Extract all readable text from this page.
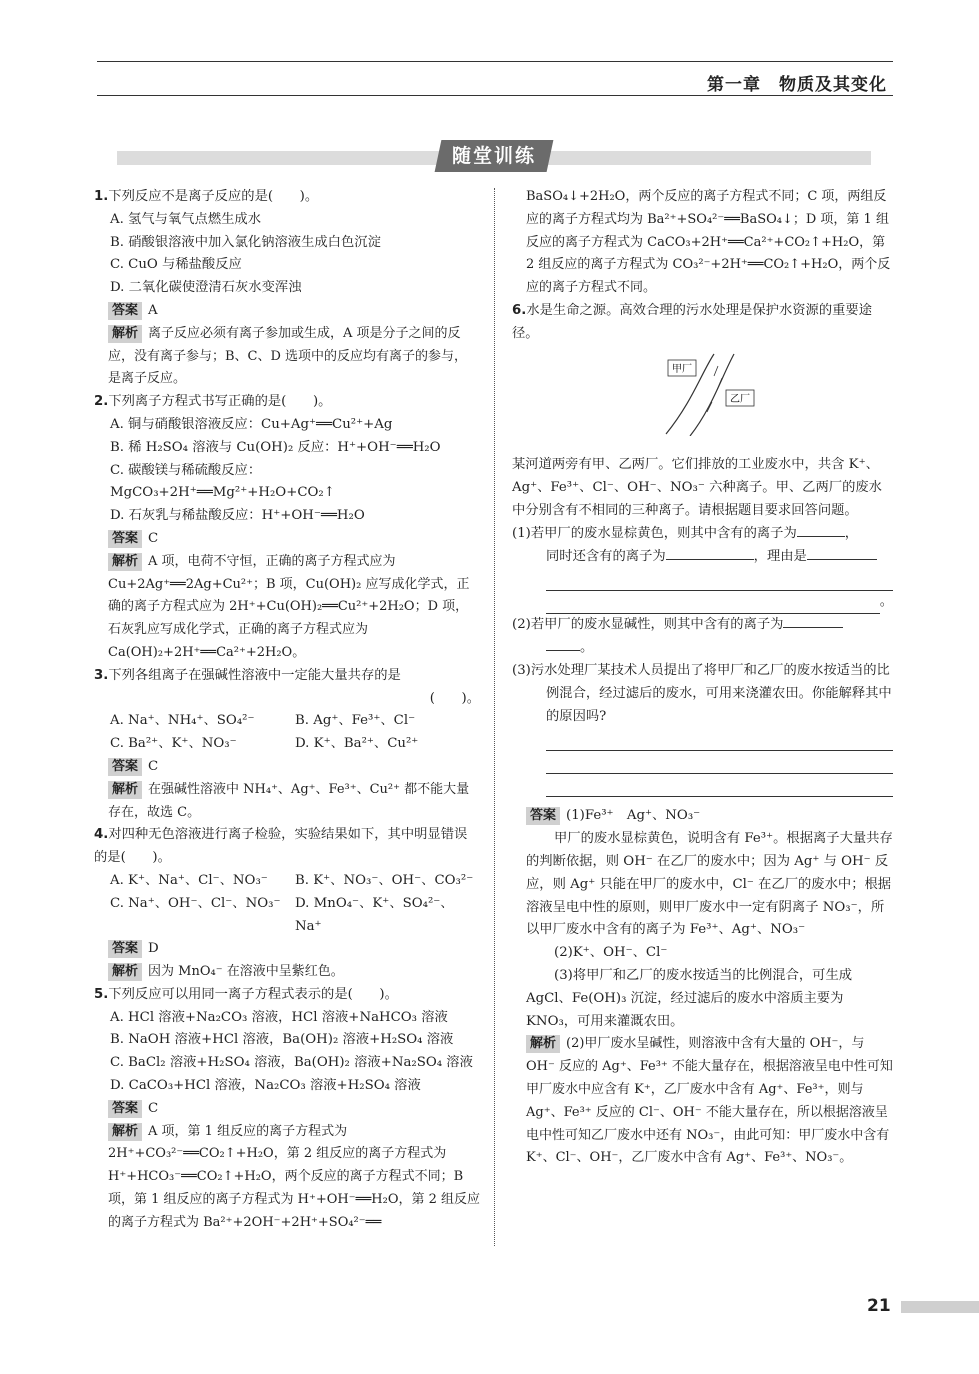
第一章　物质及其变化
随堂训练

1.下列反应不是离子反应的是(　　)。

A. 氢气与氧气点燃生成水

B. 硝酸银溶液中加入氯化钠溶液生成白色沉淀

C. CuO 与稀盐酸反应

D. 二氧化碳使澄清石灰水变浑浊

答案 A

解析 离子反应必须有离子参加或生成，A 项是分子之间的反应，没有离子参与；B、C、D 选项中的反应均有离子的参与，是离子反应。

2.下列离子方程式书写正确的是(　　)。

A. 铜与硝酸银溶液反应：Cu+Ag⁺══Cu²⁺+Ag

B. 稀 H₂SO₄ 溶液与 Cu(OH)₂ 反应：H⁺+OH⁻══H₂O

C. 碳酸镁与稀硫酸反应：MgCO₃+2H⁺══Mg²⁺+H₂O+CO₂↑

D. 石灰乳与稀盐酸反应：H⁺+OH⁻══H₂O

答案 C

解析 A 项，电荷不守恒，正确的离子方程式应为 Cu+2Ag⁺══2Ag+Cu²⁺；B 项，Cu(OH)₂ 应写成化学式，正确的离子方程式应为 2H⁺+Cu(OH)₂══Cu²⁺+2H₂O；D 项，石灰乳应写成化学式，正确的离子方程式应为 Ca(OH)₂+2H⁺══Ca²⁺+2H₂O。

3.下列各组离子在强碱性溶液中一定能大量共存的是

(　　)。

A. Na⁺、NH₄⁺、SO₄²⁻	B. Ag⁺、Fe³⁺、Cl⁻
C. Ba²⁺、K⁺、NO₃⁻	D. K⁺、Ba²⁺、Cu²⁺

答案 C

解析 在强碱性溶液中 NH₄⁺、Ag⁺、Fe³⁺、Cu²⁺ 都不能大量存在，故选 C。

4.对四种无色溶液进行离子检验，实验结果如下，其中明显错误的是(　　)。

A. K⁺、Na⁺、Cl⁻、NO₃⁻	B. K⁺、NO₃⁻、OH⁻、CO₃²⁻
C. Na⁺、OH⁻、Cl⁻、NO₃⁻	D. MnO₄⁻、K⁺、SO₄²⁻、Na⁺

答案 D

解析 因为 MnO₄⁻ 在溶液中呈紫红色。

5.下列反应可以用同一离子方程式表示的是(　　)。

A. HCl 溶液+Na₂CO₃ 溶液，HCl 溶液+NaHCO₃ 溶液

B. NaOH 溶液+HCl 溶液，Ba(OH)₂ 溶液+H₂SO₄ 溶液

C. BaCl₂ 溶液+H₂SO₄ 溶液，Ba(OH)₂ 溶液+Na₂SO₄ 溶液

D. CaCO₃+HCl 溶液，Na₂CO₃ 溶液+H₂SO₄ 溶液

答案 C

解析 A 项，第 1 组反应的离子方程式为 2H⁺+CO₃²⁻══CO₂↑+H₂O，第 2 组反应的离子方程式为 H⁺+HCO₃⁻══CO₂↑+H₂O，两个反应的离子方程式不同；B 项，第 1 组反应的离子方程式为 H⁺+OH⁻══H₂O，第 2 组反应的离子方程式为 Ba²⁺+2OH⁻+2H⁺+SO₄²⁻══

BaSO₄↓+2H₂O，两个反应的离子方程式不同；C 项，两组反应的离子方程式均为 Ba²⁺+SO₄²⁻══BaSO₄↓；D 项，第 1 组反应的离子方程式为 CaCO₃+2H⁺══Ca²⁺+CO₂↑+H₂O，第 2 组反应的离子方程式为 CO₃²⁻+2H⁺══CO₂↑+H₂O，两个反应的离子方程式不同。

6.水是生命之源。高效合理的污水处理是保护水资源的重要途径。

甲厂
乙厂

某河道两旁有甲、乙两厂。它们排放的工业废水中，共含 K⁺、Ag⁺、Fe³⁺、Cl⁻、OH⁻、NO₃⁻ 六种离子。甲、乙两厂的废水中分别含有不相同的三种离子。请根据题目要求回答问题。

(1)若甲厂的废水显棕黄色，则其中含有的离子为	，

同时还含有的离子为	，理由是

。

(2)若甲厂的废水显碱性，则其中含有的离子为

。

(3)污水处理厂某技术人员提出了将甲厂和乙厂的废水按适当的比例混合，经过滤后的废水，可用来浇灌农田。你能解释其中的原因吗?

答案 (1)Fe³⁺　Ag⁺、NO₃⁻

甲厂的废水显棕黄色，说明含有 Fe³⁺。根据离子大量共存的判断依据，则 OH⁻ 在乙厂的废水中；因为 Ag⁺ 与 OH⁻ 反应，则 Ag⁺ 只能在甲厂的废水中，Cl⁻ 在乙厂的废水中；根据溶液呈电中性的原则，则甲厂废水中一定有阴离子 NO₃⁻，所以甲厂废水中含有的离子为 Fe³⁺、Ag⁺、NO₃⁻

(2)K⁺、OH⁻、Cl⁻

(3)将甲厂和乙厂的废水按适当的比例混合，可生成 AgCl、Fe(OH)₃ 沉淀，经过滤后的废水中溶质主要为 KNO₃，可用来灌溉农田。

解析 (2)甲厂废水呈碱性，则溶液中含有大量的 OH⁻，与 OH⁻ 反应的 Ag⁺、Fe³⁺ 不能大量存在，根据溶液呈电中性可知甲厂废水中应含有 K⁺，乙厂废水中含有 Ag⁺、Fe³⁺，则与 Ag⁺、Fe³⁺ 反应的 Cl⁻、OH⁻ 不能大量存在，所以根据溶液呈电中性可知乙厂废水中还有 NO₃⁻，由此可知：甲厂废水中含有 K⁺、Cl⁻、OH⁻，乙厂废水中含有 Ag⁺、Fe³⁺、NO₃⁻。

21
